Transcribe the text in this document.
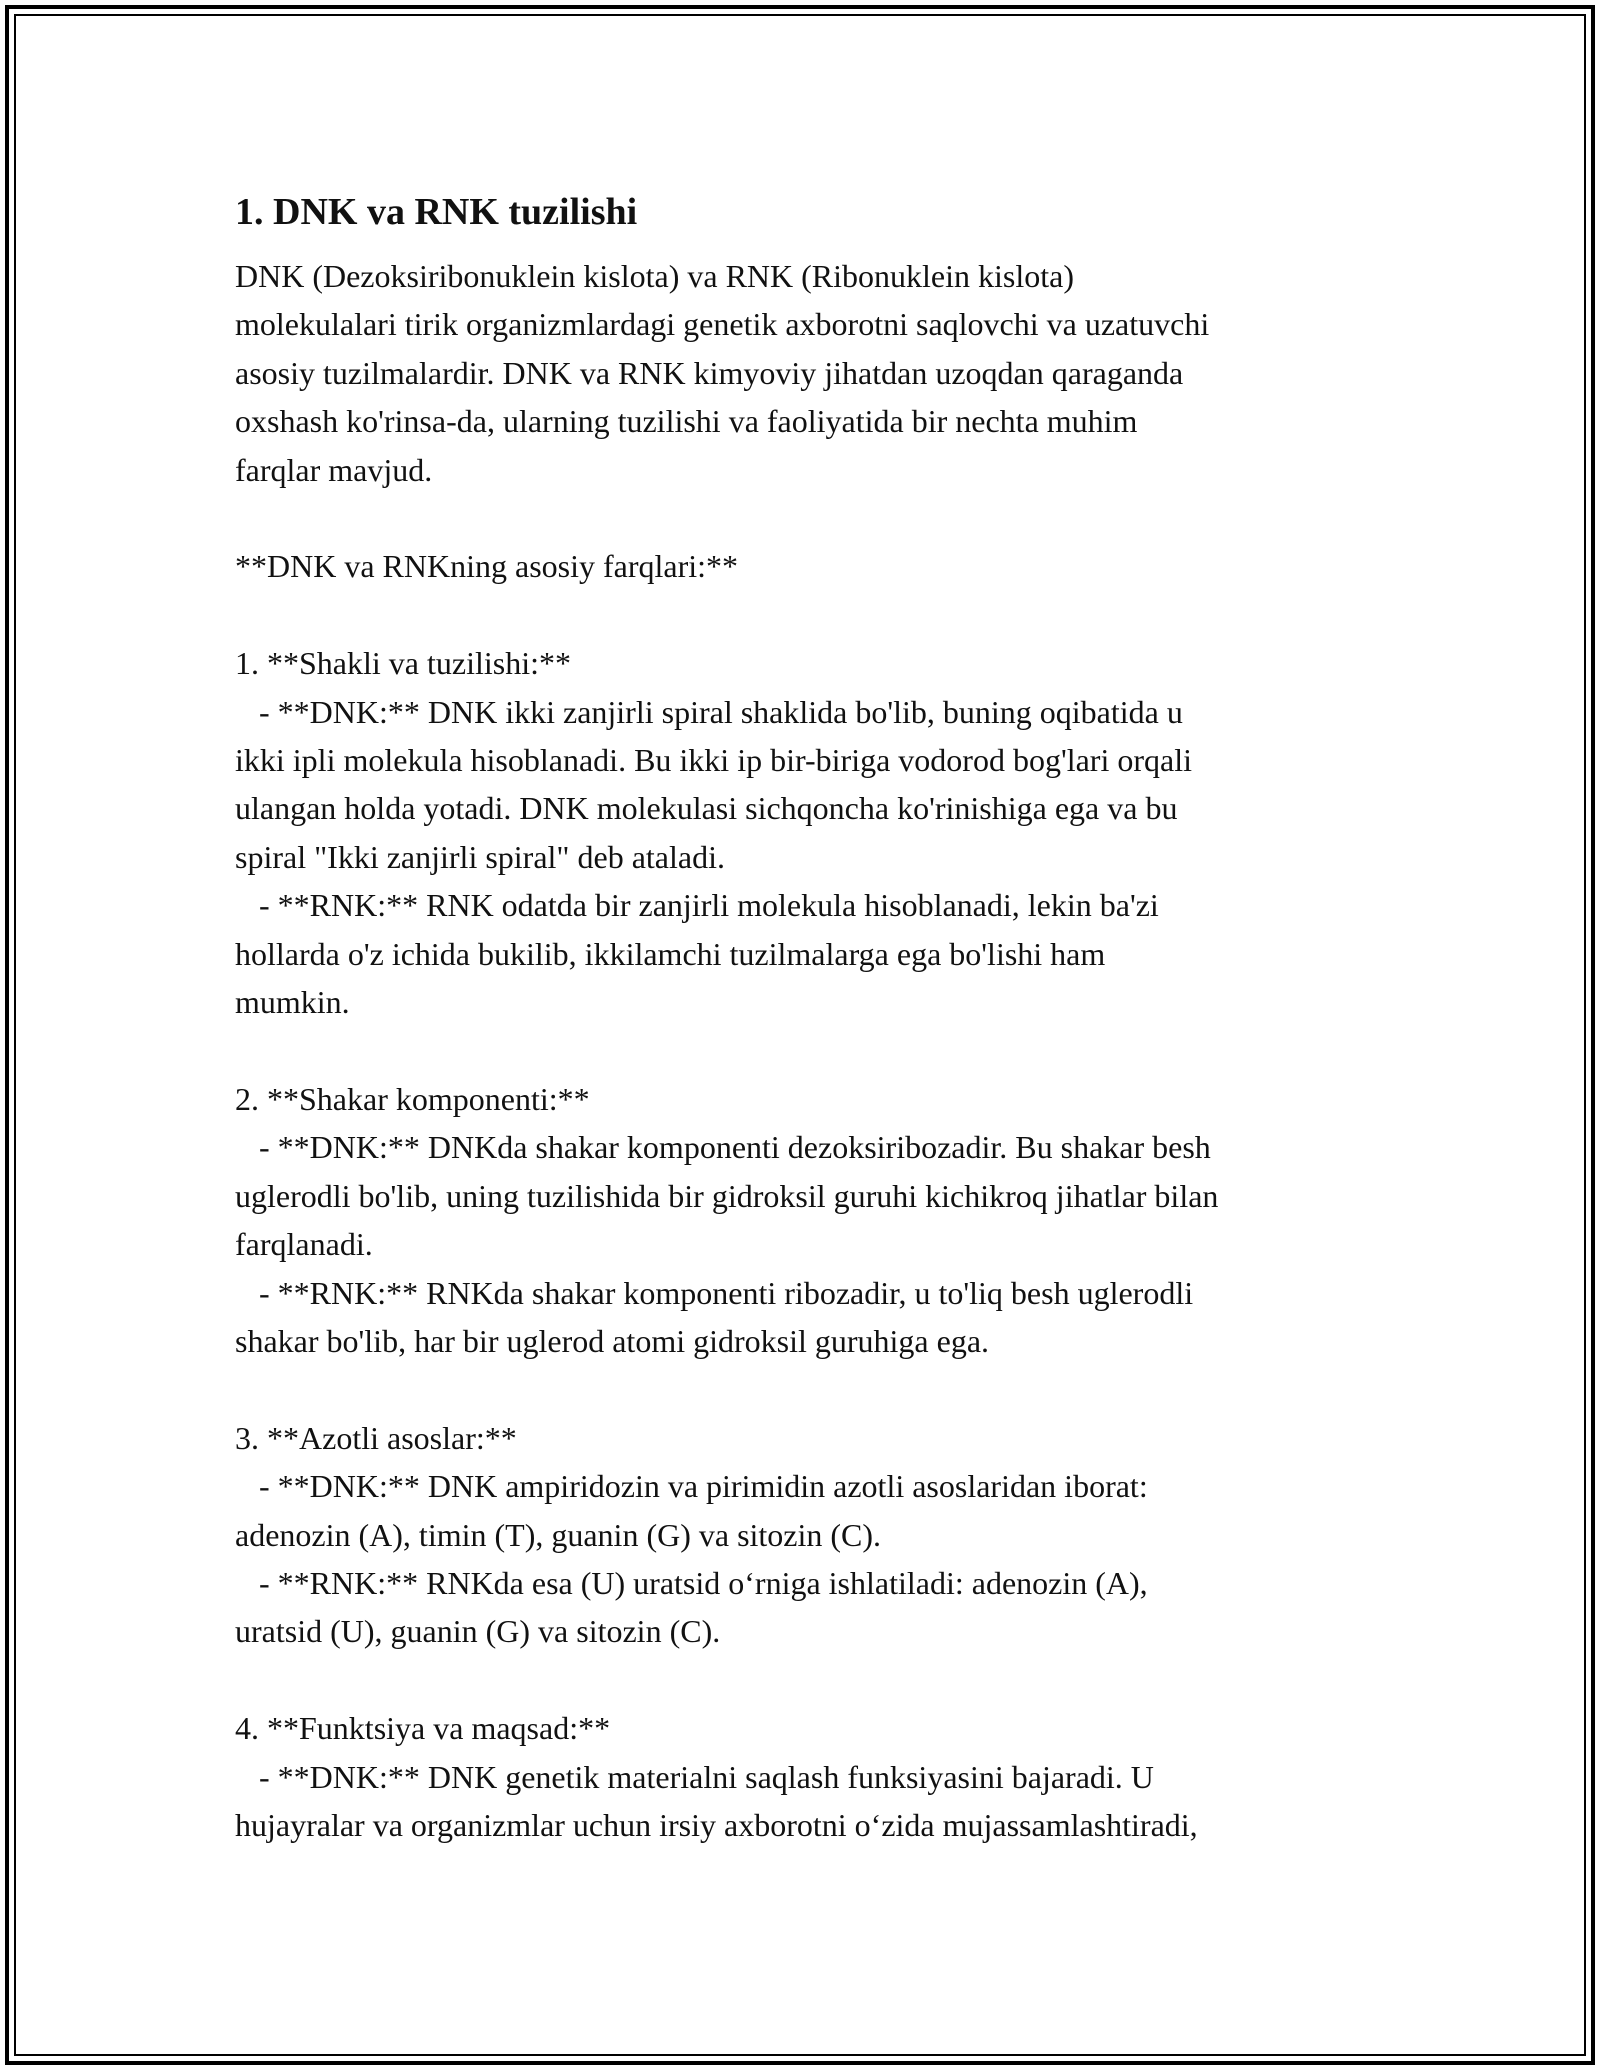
1. DNK va RNK tuzilishi

DNK (Dezoksiribonuklein kislota) va RNK (Ribonuklein kislota)
molekulalari tirik organizmlardagi genetik axborotni saqlovchi va uzatuvchi
asosiy tuzilmalardir. DNK va RNK kimyoviy jihatdan uzoqdan qaraganda
oxshash ko'rinsa-da, ularning tuzilishi va faoliyatida bir nechta muhim
farqlar mavjud.

**DNK va RNKning asosiy farqlari:**

1. **Shakli va tuzilishi:**

- **DNK:** DNK ikki zanjirli spiral shaklida bo'lib, buning oqibatida u
ikki ipli molekula hisoblanadi. Bu ikki ip bir-biriga vodorod bog'lari orqali
ulangan holda yotadi. DNK molekulasi sichqoncha ko'rinishiga ega va bu
spiral "Ikki zanjirli spiral" deb ataladi.

- **RNK:** RNK odatda bir zanjirli molekula hisoblanadi, lekin ba'zi
hollarda o'z ichida bukilib, ikkilamchi tuzilmalarga ega bo'lishi ham
mumkin.

2. **Shakar komponenti:**

- **DNK:** DNKda shakar komponenti dezoksiribozadir. Bu shakar besh
uglerodli bo'lib, uning tuzilishida bir gidroksil guruhi kichikroq jihatlar bilan
farqlanadi.

- **RNK:** RNKda shakar komponenti ribozadir, u to'liq besh uglerodli
shakar bo'lib, har bir uglerod atomi gidroksil guruhiga ega.

3. **Azotli asoslar:**

- **DNK:** DNK ampiridozin va pirimidin azotli asoslaridan iborat:
adenozin (A), timin (T), guanin (G) va sitozin (C).

- **RNK:** RNKda esa (U) uratsid o‘rniga ishlatiladi: adenozin (A),
uratsid (U), guanin (G) va sitozin (C).

4. **Funktsiya va maqsad:**

- **DNK:** DNK genetik materialni saqlash funksiyasini bajaradi. U
hujayralar va organizmlar uchun irsiy axborotni o‘zida mujassamlashtiradi,
